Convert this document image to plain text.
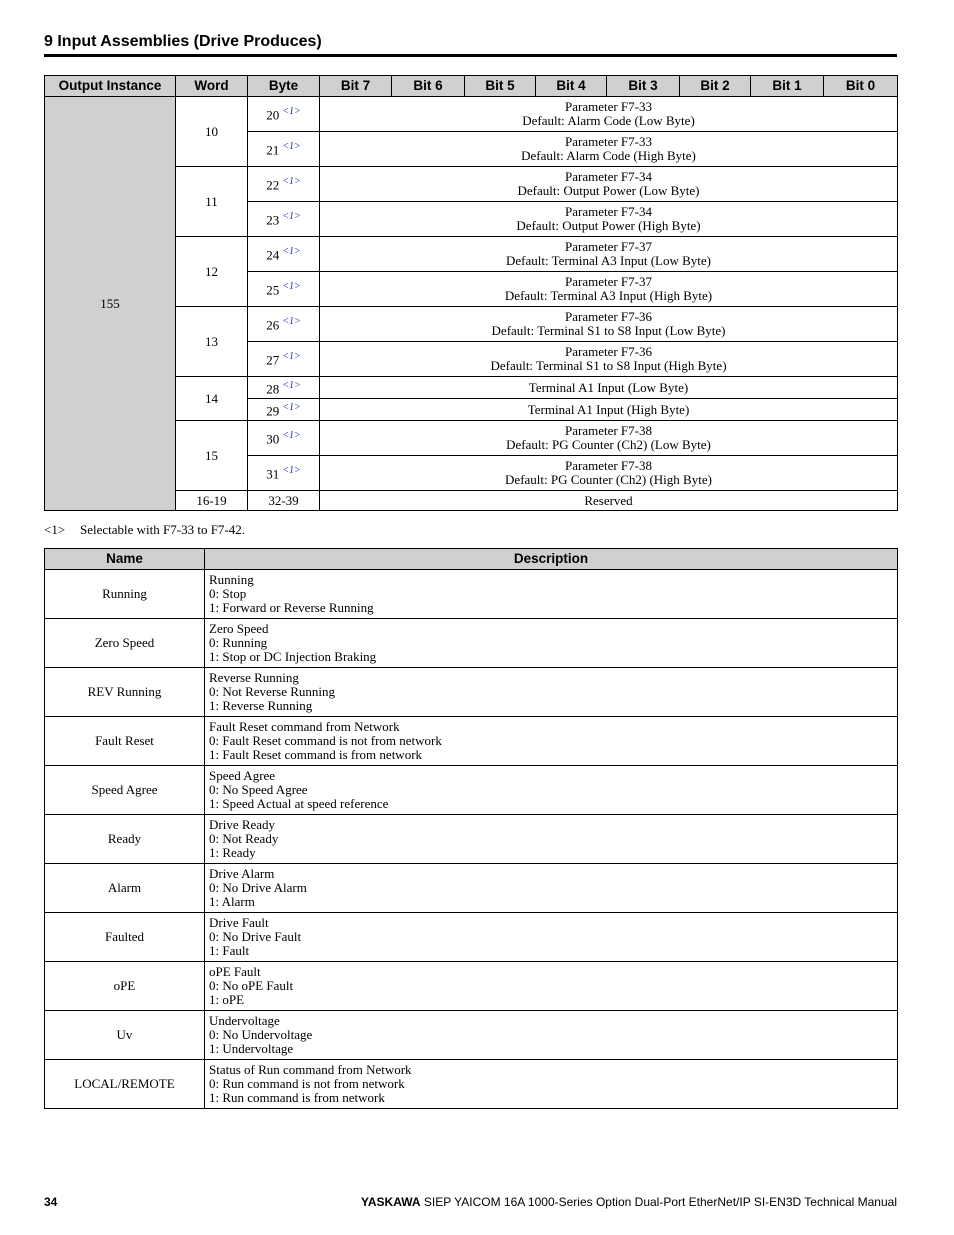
9 Input Assemblies (Drive Produces)
Output Instance	Word	Byte	Bit 7	Bit 6	Bit 5	Bit 4	Bit 3	Bit 2	Bit 1	Bit 0
155	10	20 $^{<1>}$	Parameter F7-33
Default: Alarm Code (Low Byte)							

		21 $^{<1>}$	Parameter F7-33
Default: Alarm Code (High Byte)							

	11	22 $^{<1>}$	Parameter F7-34
Default: Output Power (Low Byte)							

		23 $^{<1>}$	Parameter F7-34
Default: Output Power (High Byte)							

	12	24 $^{<1>}$	Parameter F7-37
Default: Terminal A3 Input (Low Byte)							

		25 $^{<1>}$	Parameter F7-37
Default: Terminal A3 Input (High Byte)							

	13	26 $^{<1>}$	Parameter F7-36
Default: Terminal S1 to S8 Input (Low Byte)							

		27 $^{<1>}$	Parameter F7-36
Default: Terminal S1 to S8 Input (High Byte)							

	14	28 $^{<1>}$	Terminal A1 Input (Low Byte)							

		29 $^{<1>}$	Terminal A1 Input (High Byte)							

	15	30 $^{<1>}$	Parameter F7-38
Default: PG Counter (Ch2) (Low Byte)							

		31 $^{<1>}$	Parameter F7-38
Default: PG Counter (Ch2) (High Byte)							

	16-19	32-39	Reserved							
<1> Selectable with F7-33 to F7-42.
Name	Description
Running	Running
0: Stop
1: Forward or Reverse Running

Zero Speed	Zero Speed
0: Running
1: Stop or DC Injection Braking

REV Running	Reverse Running
0: Not Reverse Running
1: Reverse Running

Fault Reset	Fault Reset command from Network
0: Fault Reset command is not from network
1: Fault Reset command is from network

Speed Agree	Speed Agree
0: No Speed Agree
1: Speed Actual at speed reference

Ready	Drive Ready
0: Not Ready
1: Ready

Alarm	Drive Alarm
0: No Drive Alarm
1: Alarm

Faulted	Drive Fault
0: No Drive Fault
1: Fault

oPE	oPE Fault
0: No oPE Fault
1: oPE

Uv	Undervoltage
0: No Undervoltage
1: Undervoltage

LOCAL/REMOTE	Status of Run command from Network
0: Run command is not from network
1: Run command is from network
34	YASKAWA SIEP YAICOM 16A 1000-Series Option Dual-Port EtherNet/IP SI-EN3D Technical Manual
